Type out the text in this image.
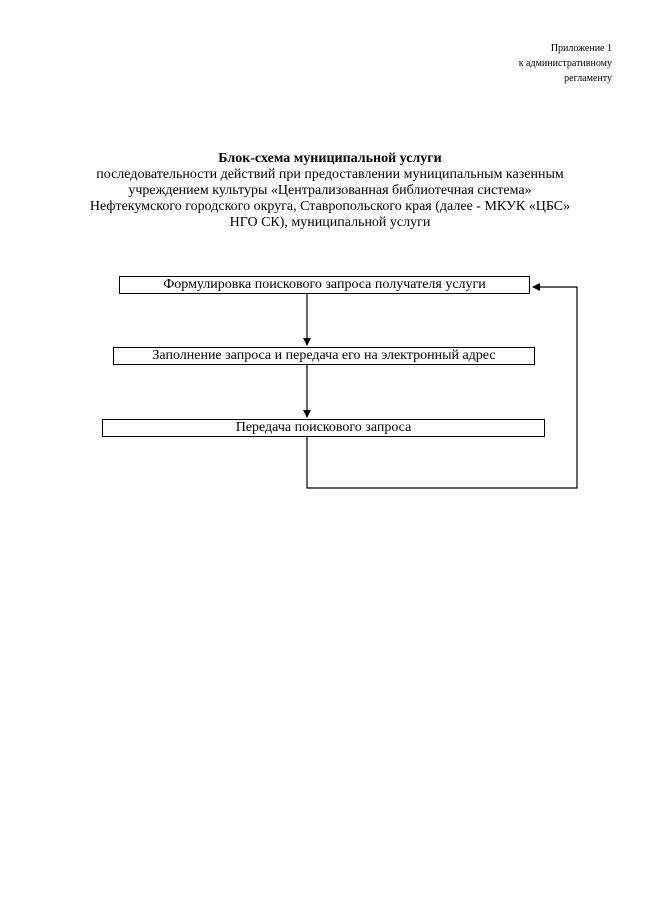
Приложение 1
к административному
регламенту
Блок-схема муниципальной услуги
последовательности действий при предоставлении муниципальным казенным
учреждением культуры «Централизованная библиотечная система»
Нефтекумского городского округа, Ставропольского края (далее - МКУК «ЦБС»
НГО СК), муниципальной услуги
Формулировка поискового запроса получателя услуги
Заполнение запроса и передача его на электронный адрес
Передача поискового запроса
